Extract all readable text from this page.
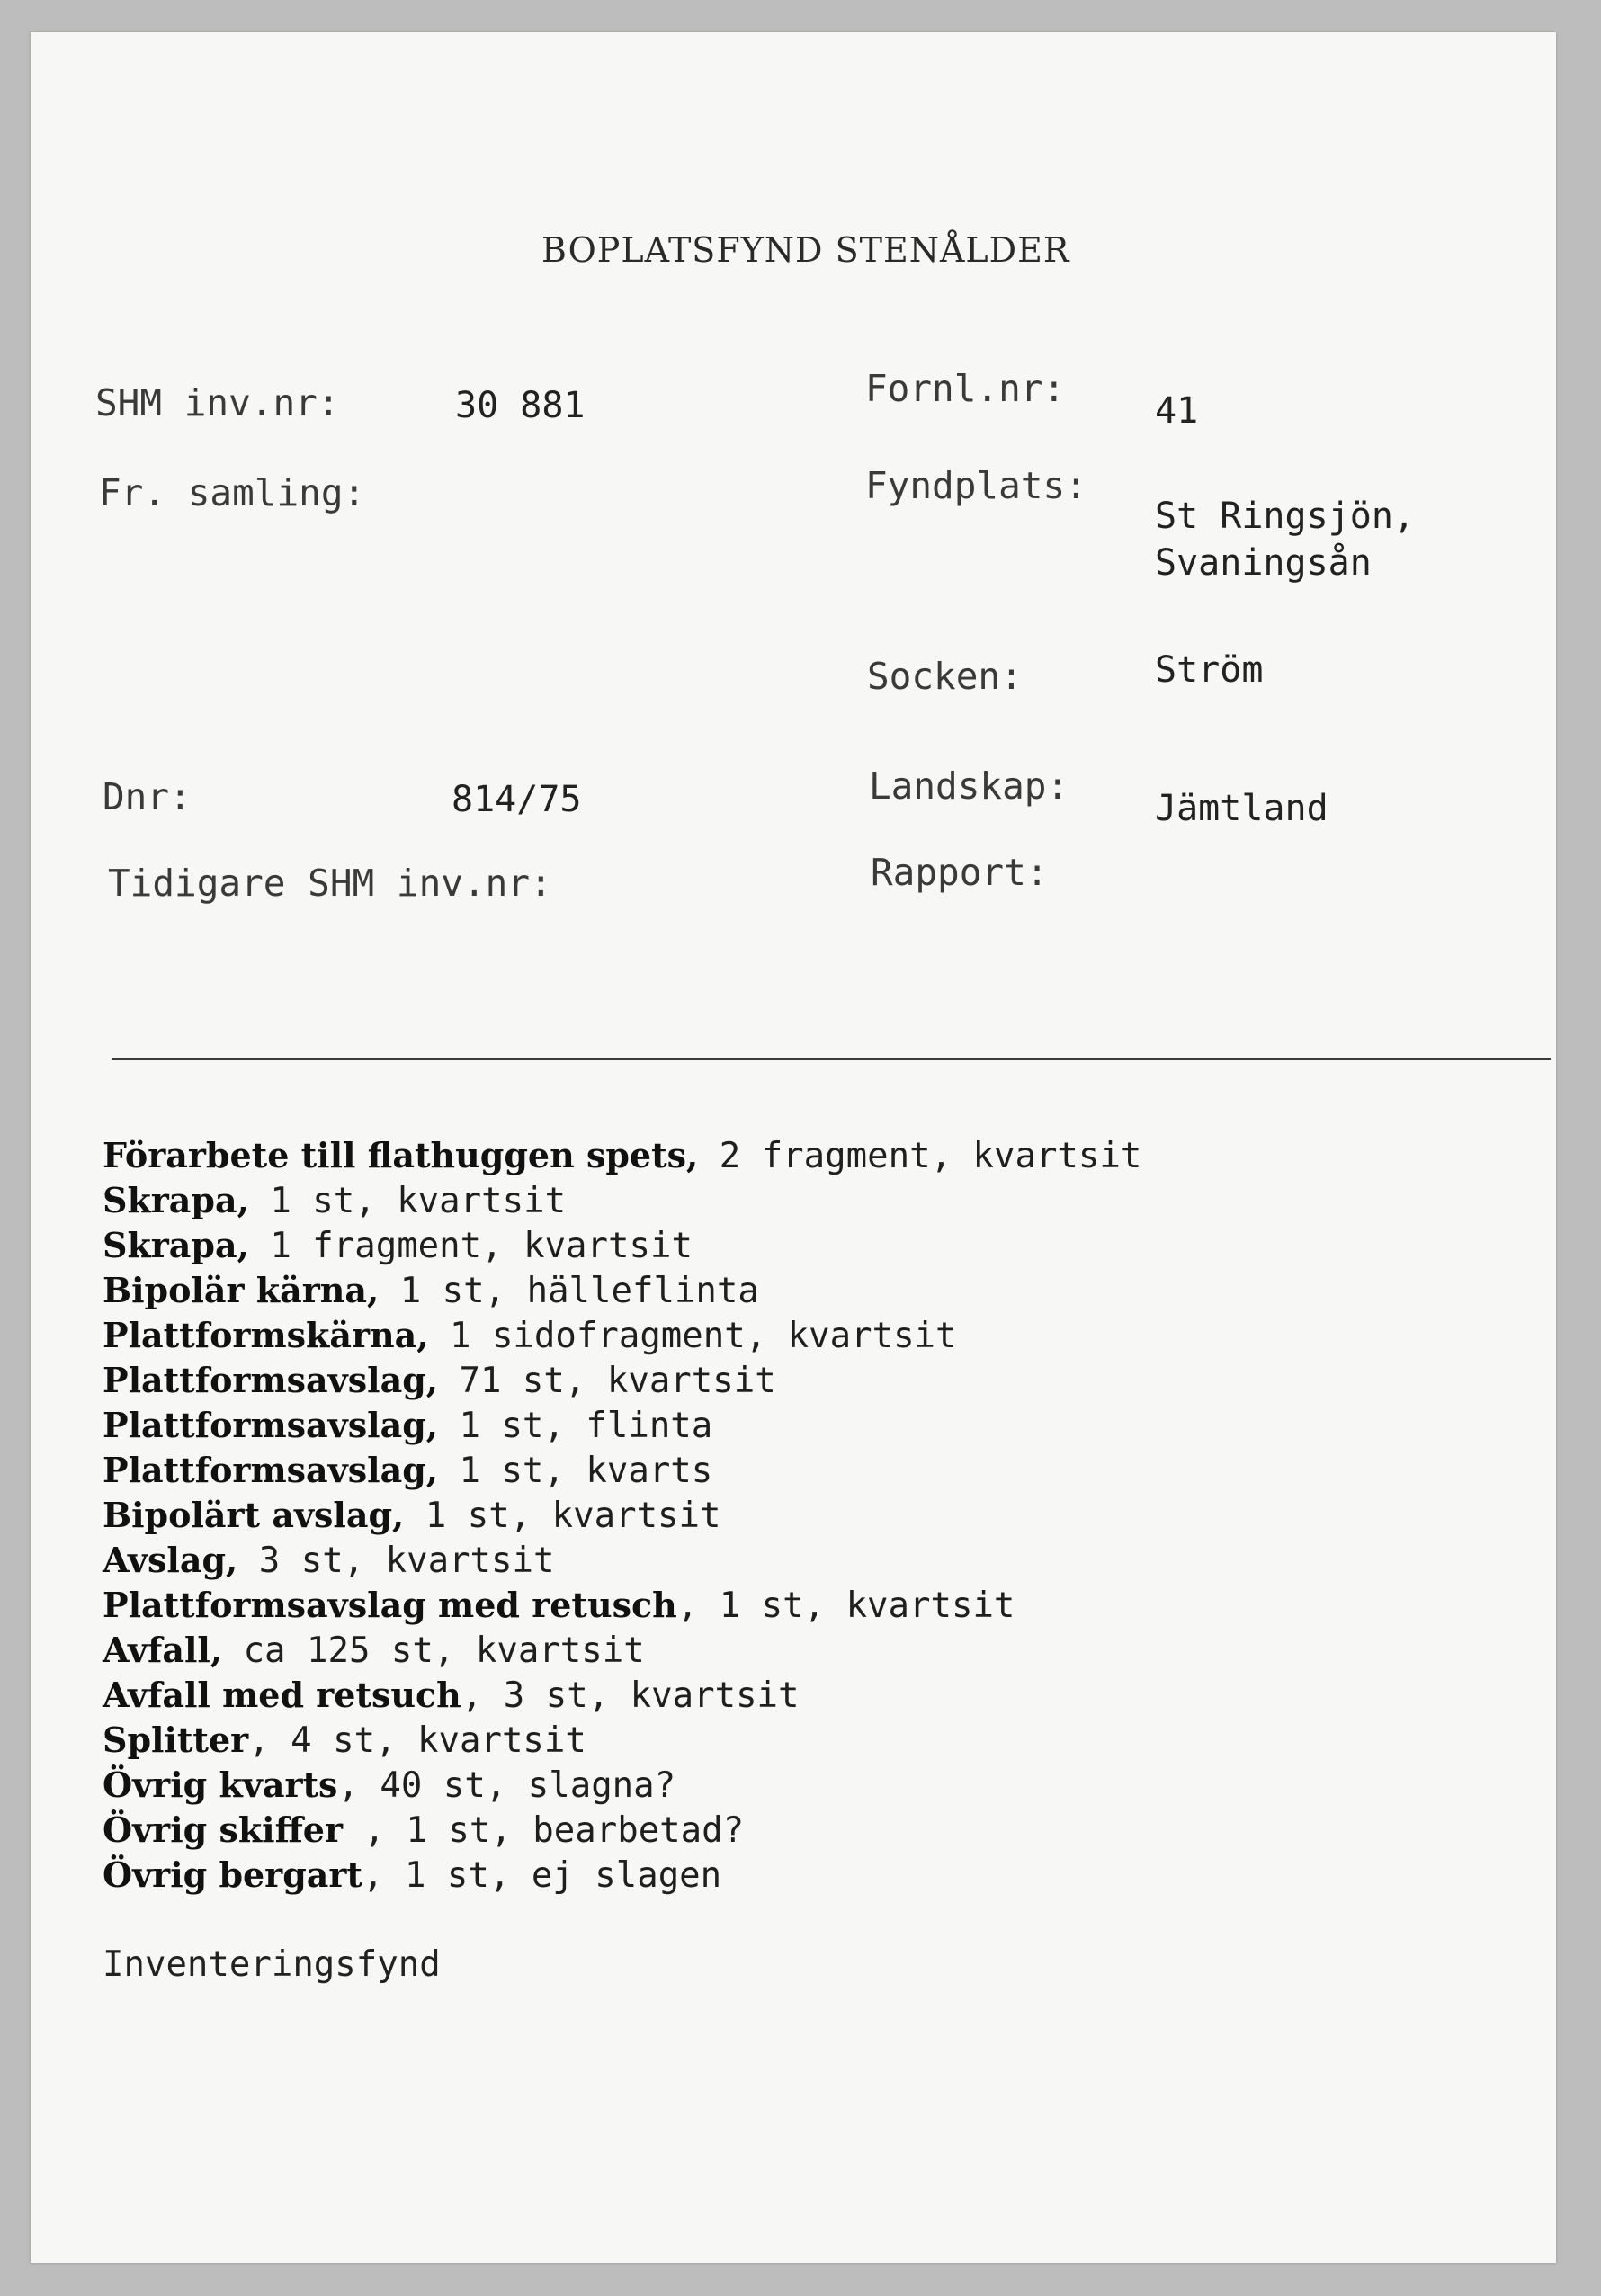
BOPLATSFYND STENÅLDER
SHM inv.nr:	30 881	Fornl.nr:
41
Fr. samling:	Fyndplats:
St Ringsjön,
Svaningsån
Socken:	Ström
Dnr:	814/75	Landskap:
Jämtland
Tidigare SHM inv.nr:	Rapport:
Förarbete till flathuggen spets, 2 fragment, kvartsit
Skrapa, 1 st, kvartsit
Skrapa, 1 fragment, kvartsit
Bipolär kärna, 1 st, hälleflinta
Plattformskärna, 1 sidofragment, kvartsit
Plattformsavslag, 71 st, kvartsit
Plattformsavslag, 1 st, flinta
Plattformsavslag, 1 st, kvarts
Bipolärt avslag, 1 st, kvartsit
Avslag, 3 st, kvartsit
Plattformsavslag med retusch, 1 st, kvartsit
Avfall, ca 125 st, kvartsit
Avfall med retsuch, 3 st, kvartsit
Splitter, 4 st, kvartsit
Övrig kvarts, 40 st, slagna?
Övrig skiffer , 1 st, bearbetad?
Övrig bergart, 1 st, ej slagen
Inventeringsfynd
